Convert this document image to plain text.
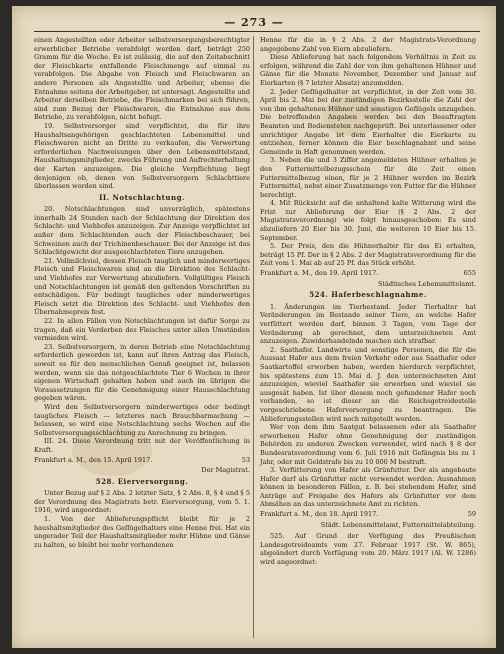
— 273 —

einen Angestellten oder Arbeiter selbstversorgungsberechtigter erwerblicher Betriebe verabfolgt werden darf, beträgt 250 Gramm für die Woche. Es ist zulässig, die auf den Zeitabschnitt der Fleischkarte entfallende Fleischmenge auf einmal zu verabfolgen. Die Abgabe von Fleisch und Fleischwaren an andere Personen als Angestellte und Arbeiter, ebenso die Entnahme seitens der Arbeitgeber, ist untersagt. Angestellte und Arbeiter derselben Betriebe, die Fleischmarken bei sich führen, sind zum Bezug der Fleischwaren, die Entnahme aus dem Betriebe, zu verabfolgen, nicht befugt.

19. Selbstversorger sind verpflichtet, die für ihre Haushaltsangehörigen geschlachteten Lebensmittel und Fleischwaren nicht an Dritte zu verkaufen, die Verwertung erforderlichen Nachweisungen über den Lebensmittelstand, Haushaltungsmitglieder, zwecks Führung und Aufrechterhaltung der Karten anzuzeigen. Die gleiche Verpflichtung liegt denjenigen ob, denen von Selbstversorgern Schlachttiere überlassen worden sind.

II. Notschlachtung.

20. Notschlachtungen sind unverzüglich, spätestens innerhalb 24 Stunden nach der Schlachtung der Direktion des Schlacht- und Viehhofes anzuzeigen. Zur Anzeige verpflichtet ist außer dem Schlachtenden auch der Fleischbeschauer, bei Schweinen auch der Trichinenbeschauer. Bei der Anzeige ist das Schlachtgewicht der ausgeschlachteten Tiere anzugeben.

21. Vollmilchviel, dessen Fleisch tauglich und minderwertiges Fleisch und Fleischwaren sind an die Direktion des Schlacht- und Viehhofes zur Verwertung abzuliefern. Vollgültiges Fleisch und Notschlachtungen ist gemäß den geltenden Vorschriften zu entschädigen. Für bedingt taugliches oder minderwertiges Fleisch setzt die Direktion des Schlacht- und Viehhofes den Übernahmepreis fest.

22. In allen Fällen von Notschlachtungen ist dafür Sorge zu tragen, daß ein Verderben des Fleisches unter allen Umständen vermieden wird.

23. Selbstversorgern, in deren Betrieb eine Notschlachtung erforderlich geworden ist, kann auf ihren Antrag das Fleisch, soweit es für den menschlichen Genuß geeignet ist, belassen werden, wenn sie das notgeschlachtete Tier 6 Wochen in ihrer eigenen Wirtschaft gehalten haben und auch im übrigen die Voraussetzungen für die Genehmigung einer Hausschlachtung gegeben wären.

Wird den Selbstversorgern minderwertiges oder bedingt taugliches Fleisch — letzteres nach Brauchbarmachung — belassen, so wird eine Notschlachtung sechs Wochen auf die Selbstversorgungsschlachtung zu Anrechnung zu bringen.

III. 24. Diese Verordnung tritt mit der Veröffentlichung in Kraft.

Frankfurt a. M., den 15. April 1917.	53
Der Magistrat.
528. Eierversorgung.

Unter Bezug auf § 2 Abs. 2 letzter Satz, § 2 Abs. 8, § 4 und § 5 der Verordnung des Magistrats betr. Eierversorgung, vom 5. 1. 1916, wird angeordnet:

1. Von der Ablieferungspflicht bleibt für je 2 haushaltsmitglieder des Geflügelhalters eine Henne frei. Hat ein ungerader Teil der Haushaltsmitglieder mehr Hühne und Gänse zu halten, so bleibt bei mehr vorhandenen

Henne für die in § 2 Abs. 2 der Magistrats-Verordnung angegebene Zahl von Eiern abzuliefern.

Diese Ablieferung hat nach folgendem Verhältnis in Zeit zu erfolgen, während die Zahl der von ihm gehaltenen Hühner und Gänse für die Monate November, Dezember und Januar auf Eierkarten (§ 7 letzter Absatz) anzumelden.

2. Jeder Geflügelhalter ist verpflichtet, in der Zeit vom 30. April bis 2. Mai bei der zuständigen Bezirksstelle die Zahl der von ihm gehaltenen Hühner und sonstigen Geflügels anzugeben. Die betreffenden Angaben werden bei den Beauftragten Beamten und Bediensteten nachgeprüft. Bei unterlassener oder unrichtiger Angabe ist dem Eierhalter die Eierkarte zu entziehen, ferner können die Eier beschlagnahmt und seine Gemeinde in Haft genommen werden.

3. Neben die und 3 Ziffer angemeldeten Hühner erhalten je den Futtermittelbezugsschein für die Zeit einen Futtermittelbezug einen, für je 2 Hühner werden im Bezirk Futtermittel, nebst einer Zusatzmenge von Futter für die Hühner berechtigt.

4. Mit Rücksicht auf die anhaltend kalte Witterung wird die Frist zur Ablieferung der Eier (§ 2 Abs. 2 der Magistratsverordnung) wie folgt hinausgeschoben: Es sind abzuliefern 20 Eier bis 30. Juni, die weiteren 10 Eier bis 15. September.

5. Der Preis, den die Hühnerhalter für das Ei erhalten, beträgt 15 Pf. Der in § 2 Abs. 2 der Magistratsverordnung für die Zeit vom 1. Mai ab auf 25 Pf. das Stück erhöht.

Frankfurt a. M., den 19. April 1917.	655
Städtisches Lebensmittelamt.
524. Haferbeschlagnahme.

1. Änderungen im Tierbestand. Jeder Tierhalter hat Veränderungen im Bestande seiner Tiere, an welche Hafer verfüttert werden darf, binnen 3 Tagen, vom Tage der Veränderung ab gerechnet, dem unterzeichneten Amt anzuzeigen. Zuwiderhandelnde machen sich strafbar.

2. Saathafer. Landwirte und sonstige Personen, die für die Aussaat Hafer aus dem freien Verkehr oder aus Saathafer oder Saatkartoffel erworben haben, werden hierdurch verpflichtet, bis spätestens zum 15. Mai d. J. den unterzeichneten Amt anzuzeigen, wieviel Saathafer sie erworben und wieviel sie ausgesät haben. Ist über diesem noch gefundener Hafer noch vorhanden, so ist dieser an die Reichsgetreidestelle vorgeschriebene Haferversorgung zu beantragen. Die Ablieferungsstellen wird noch mitgeteilt werden.

Wer von dem ihm Saatgut belassenen oder als Saathafer erworbenen Hafer ohne Genehmigung der zuständigen Behörden zu anderen Zwecken verwendet, wird nach § 8 der Bundesratsverordnung vom 6. Juli 1916 mit Gefängnis bis zu 1 Jahr, oder mit Geldstrafe bis zu 10 000 M bestraft.

3. Verfütterung von Hafer als Grünfutter. Der als angebaute Hafer darf als Grünfutter nicht verwendet werden. Ausnahmen können in besonderen Fällen, z. B. bei stehendem Hafer, sind Anträge auf Freigabe des Hafers als Grünfutter vor dem Abmähen an das unterzeichnete Amt zu richten.

Frankfurt a. M., den 18. April 1917.	59
Städt. Lebensmittelamt, Futtermittelabteilung.

525. Auf Grund der Verfügung des Preußischen Landesgetreideamts vom 27. Februar 1917 (St. W. 865), abgeändert durch Verfügung vom 20. März 1917 (Al. W. 1286) wird angeordnet:
